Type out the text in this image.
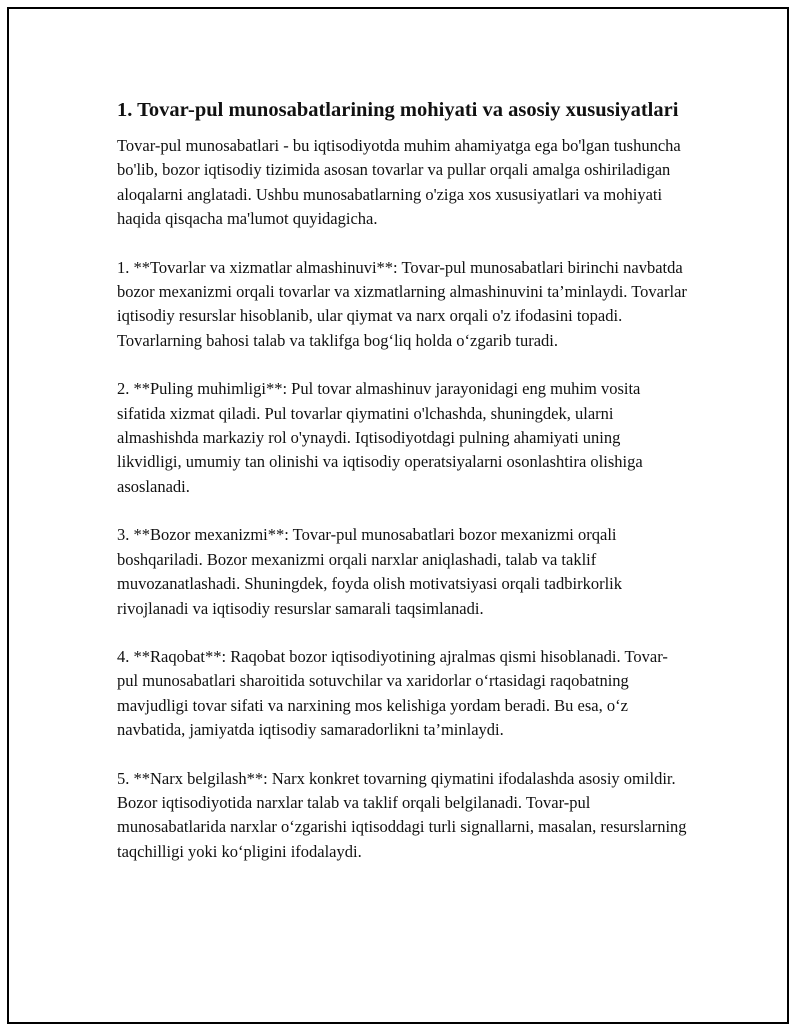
1. Tovar-pul munosabatlarining mohiyati va asosiy xususiyatlari

Tovar-pul munosabatlari - bu iqtisodiyotda muhim ahamiyatga ega bo'lgan tushuncha bo'lib, bozor iqtisodiy tizimida asosan tovarlar va pullar orqali amalga oshiriladigan aloqalarni anglatadi. Ushbu munosabatlarning o'ziga xos xususiyatlari va mohiyati haqida qisqacha ma'lumot quyidagicha.

1. **Tovarlar va xizmatlar almashinuvi**: Tovar-pul munosabatlari birinchi navbatda bozor mexanizmi orqali tovarlar va xizmatlarning almashinuvini ta’minlaydi. Tovarlar iqtisodiy resurslar hisoblanib, ular qiymat va narx orqali o'z ifodasini topadi. Tovarlarning bahosi talab va taklifga bog‘liq holda o‘zgarib turadi.

2. **Puling muhimligi**: Pul tovar almashinuv jarayonidagi eng muhim vosita sifatida xizmat qiladi. Pul tovarlar qiymatini o'lchashda, shuningdek, ularni almashishda markaziy rol o'ynaydi. Iqtisodiyotdagi pulning ahamiyati uning likvidligi, umumiy tan olinishi va iqtisodiy operatsiyalarni osonlashtira olishiga asoslanadi.

3. **Bozor mexanizmi**: Tovar-pul munosabatlari bozor mexanizmi orqali boshqariladi. Bozor mexanizmi orqali narxlar aniqlashadi, talab va taklif muvozanatlashadi. Shuningdek, foyda olish motivatsiyasi orqali tadbirkorlik rivojlanadi va iqtisodiy resurslar samarali taqsimlanadi.

4. **Raqobat**: Raqobat bozor iqtisodiyotining ajralmas qismi hisoblanadi. Tovar-pul munosabatlari sharoitida sotuvchilar va xaridorlar o‘rtasidagi raqobatning mavjudligi tovar sifati va narxining mos kelishiga yordam beradi. Bu esa, o‘z navbatida, jamiyatda iqtisodiy samaradorlikni ta’minlaydi.

5. **Narx belgilash**: Narx konkret tovarning qiymatini ifodalashda asosiy omildir. Bozor iqtisodiyotida narxlar talab va taklif orqali belgilanadi. Tovar-pul munosabatlarida narxlar o‘zgarishi iqtisoddagi turli signallarni, masalan, resurslarning taqchilligi yoki ko‘pligini ifodalaydi.
